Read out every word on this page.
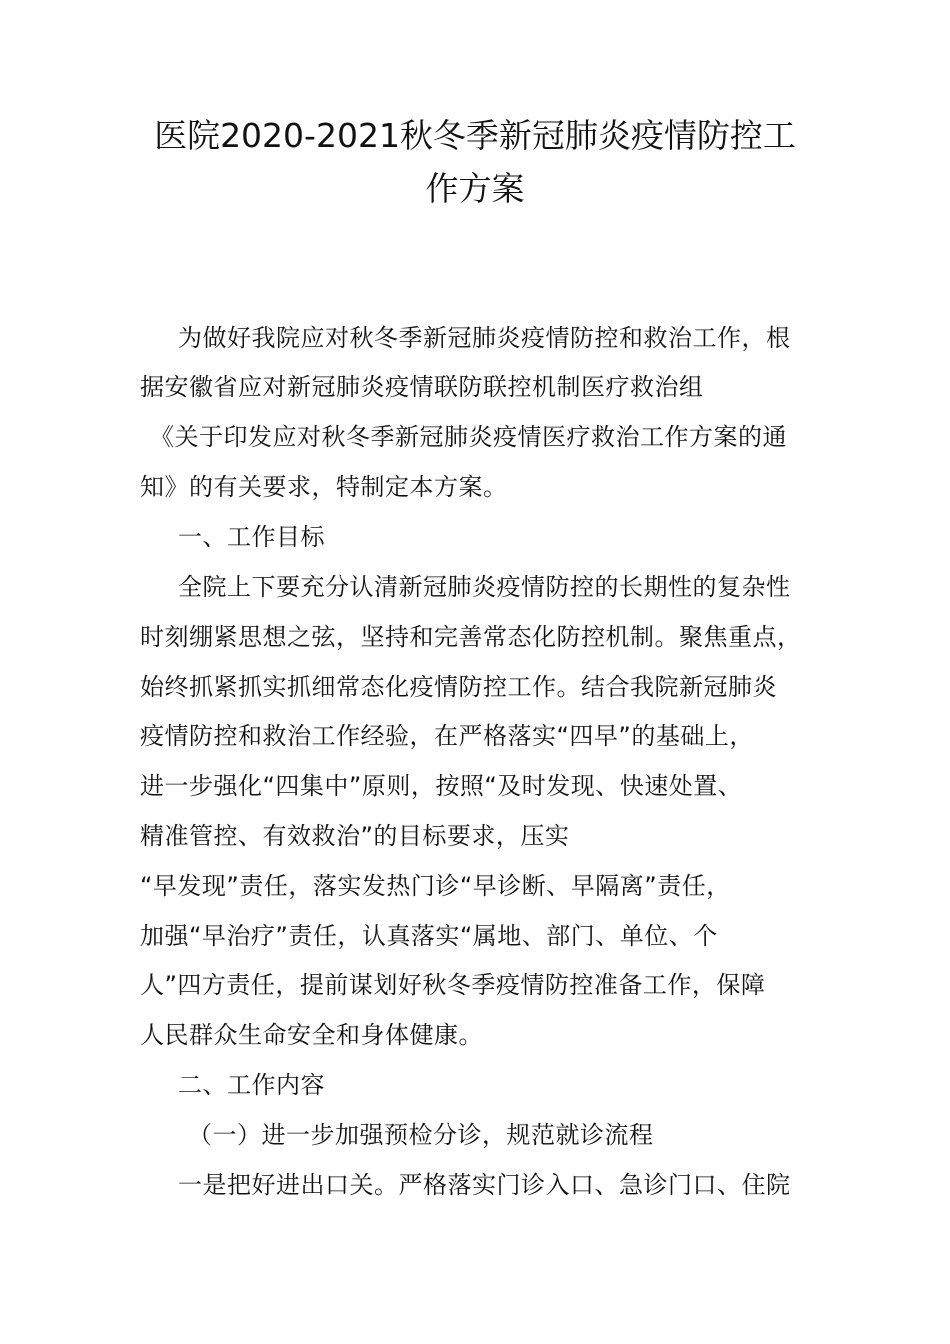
医院2020-2021秋冬季新冠肺炎疫情防控工
作方案
为做好我院应对秋冬季新冠肺炎疫情防控和救治工作，根
据安徽省应对新冠肺炎疫情联防联控机制医疗救治组
《关于印发应对秋冬季新冠肺炎疫情医疗救治工作方案的通
知》的有关要求，特制定本方案。
一、工作目标
全院上下要充分认清新冠肺炎疫情防控的长期性的复杂性
时刻绷紧思想之弦，坚持和完善常态化防控机制。聚焦重点，
始终抓紧抓实抓细常态化疫情防控工作。结合我院新冠肺炎
疫情防控和救治工作经验，在严格落实“四早”的基础上，
进一步强化“四集中”原则，按照“及时发现、快速处置、
精准管控、有效救治”的目标要求，压实
“早发现”责任，落实发热门诊“早诊断、早隔离”责任，
加强“早治疗”责任，认真落实“属地、部门、单位、个
人”四方责任，提前谋划好秋冬季疫情防控准备工作，保障
人民群众生命安全和身体健康。
二、工作内容
（一）进一步加强预检分诊，规范就诊流程
一是把好进出口关。严格落实门诊入口、急诊门口、住院
